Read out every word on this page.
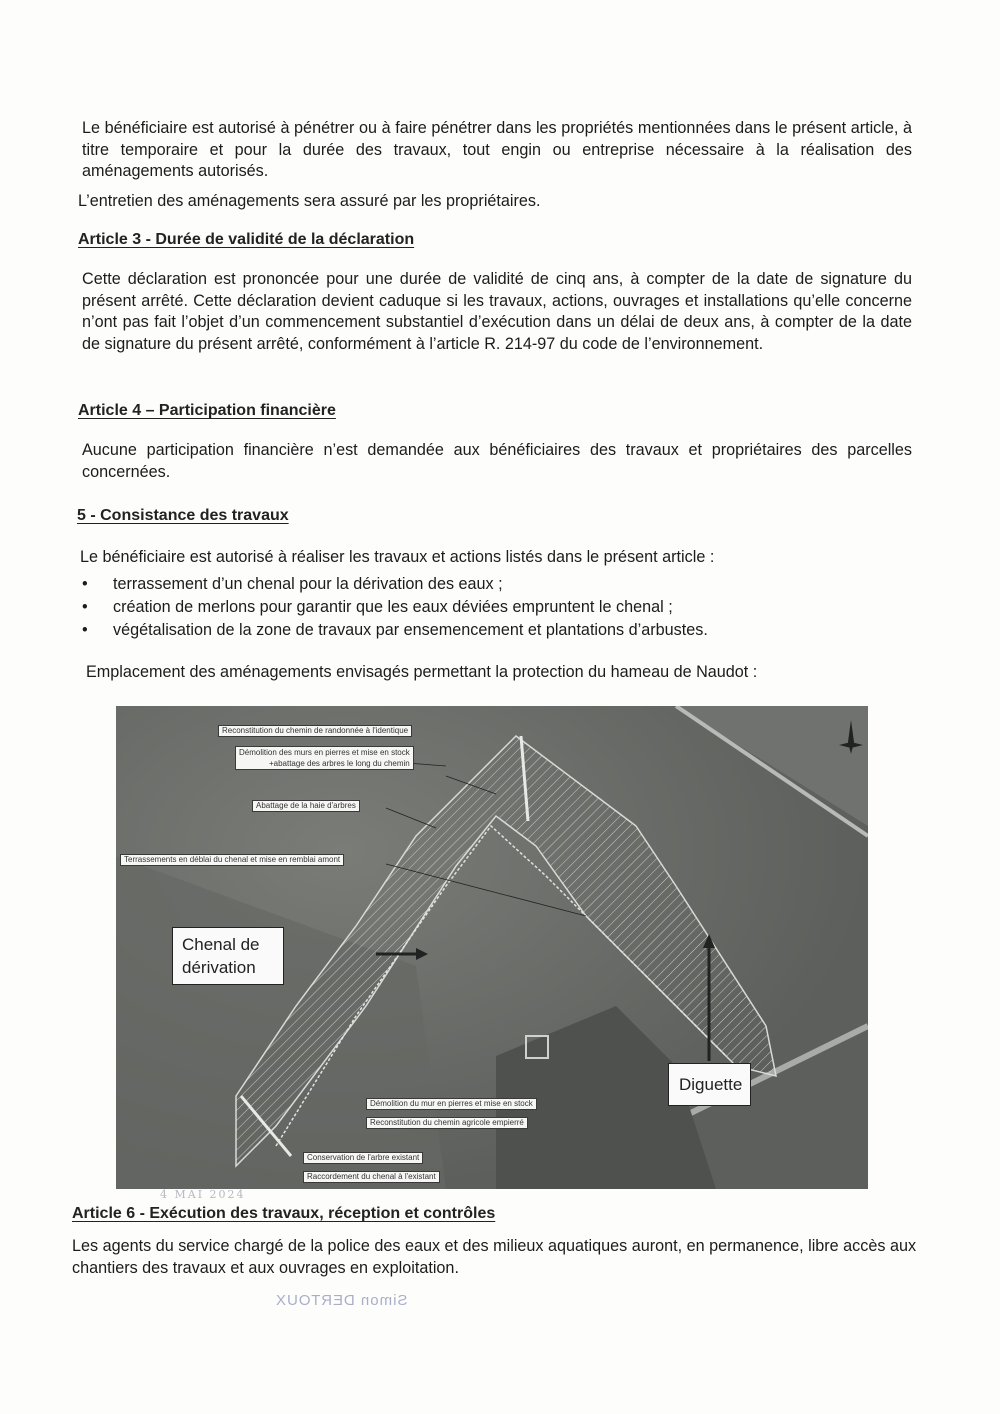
Le bénéficiaire est autorisé à pénétrer ou à faire pénétrer dans les propriétés mentionnées dans le présent article, à titre temporaire et pour la durée des travaux, tout engin ou entreprise nécessaire à la réalisation des aménagements autorisés.

L’entretien des aménagements sera assuré par les propriétaires.

Article 3 - Durée de validité de la déclaration

Cette déclaration est prononcée pour une durée de validité de cinq ans, à compter de la date de signature du présent arrêté. Cette déclaration devient caduque si les travaux, actions, ouvrages et installations qu’elle concerne n’ont pas fait l’objet d’un commencement substantiel d’exécution dans un délai de deux ans, à compter de la date de signature du présent arrêté, conformément à l’article R. 214-97 du code de l’environnement.

Article 4 – Participation financière

Aucune participation financière n’est demandée aux bénéficiaires des travaux et propriétaires des parcelles concernées.

5 - Consistance des travaux

Le bénéficiaire est autorisé à réaliser les travaux et actions listés dans le présent article :

• terrassement d’un chenal pour la dérivation des eaux ;
• création de merlons pour garantir que les eaux déviées empruntent le chenal ;
• végétalisation de la zone de travaux par ensemencement et plantations d’arbustes.

Emplacement des aménagements envisagés permettant la protection du hameau de Naudot :

Reconstitution du chemin de randonnée à l'identique
Démolition des murs en pierres et mise en stock
+abattage des arbres le long du chemin
Abattage de la haie d'arbres
Terrassements en déblai du chenal et mise en remblai amont
Chenal de dérivation
Diguette
Démolition du mur en pierres et mise en stock
Reconstitution du chemin agricole empierré
Conservation de l'arbre existant
Raccordement du chenal à l'existant
4 MAI 2024
Article 6 - Exécution des travaux, réception et contrôles

Les agents du service chargé de la police des eaux et des milieux aquatiques auront, en permanence, libre accès aux chantiers des travaux et aux ouvrages en exploitation.

Simon DERTOUX
